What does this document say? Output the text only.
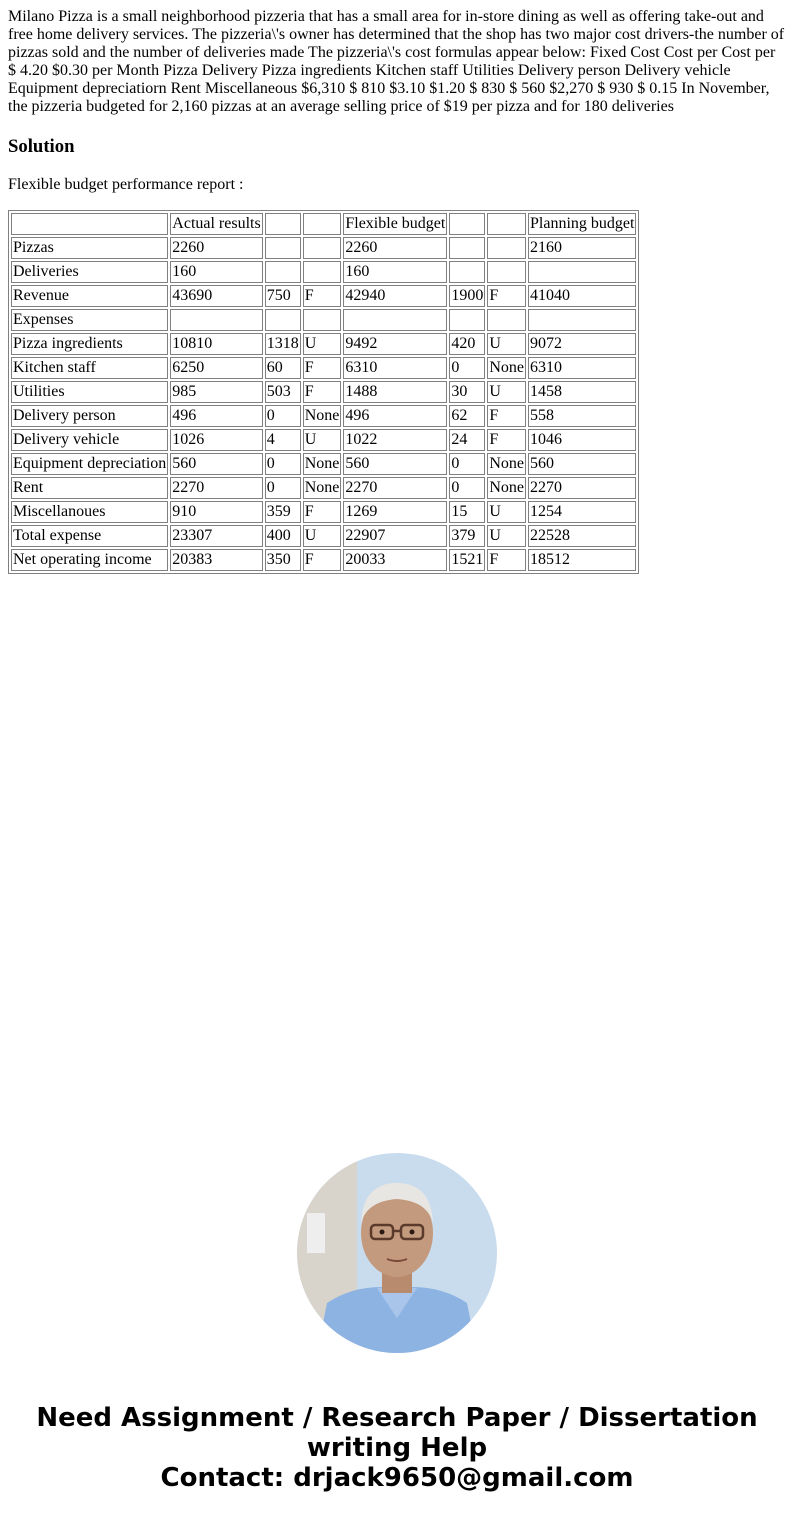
Milano Pizza is a small neighborhood pizzeria that has a small area for in-store dining as well as offering take-out and free home delivery services. The pizzeria\'s owner has determined that the shop has two major cost drivers-the number of pizzas sold and the number of deliveries made The pizzeria\'s cost formulas appear below: Fixed Cost Cost per Cost per $ 4.20 $0.30 per Month Pizza Delivery Pizza ingredients Kitchen staff Utilities Delivery person Delivery vehicle Equipment depreciatiorn Rent Miscellaneous $6,310 $ 810 $3.10 $1.20 $ 830 $ 560 $2,270 $ 930 $ 0.15 In November, the pizzeria budgeted for 2,160 pizzas at an average selling price of $19 per pizza and for 180 deliveries

Solution

Flexible budget performance report :

	Actual results			Flexible budget			Planning budget
Pizzas	2260			2260			2160
Deliveries	160			160			
Revenue	43690	750	F	42940	1900	F	41040
Expenses							
Pizza ingredients	10810	1318	U	9492	420	U	9072
Kitchen staff	6250	60	F	6310	0	None	6310
Utilities	985	503	F	1488	30	U	1458
Delivery person	496	0	None	496	62	F	558
Delivery vehicle	1026	4	U	1022	24	F	1046
Equipment depreciation	560	0	None	560	0	None	560
Rent	2270	0	None	2270	0	None	2270
Miscellanoues	910	359	F	1269	15	U	1254
Total expense	23307	400	U	22907	379	U	22528
Net operating income	20383	350	F	20033	1521	F	18512
Need Assignment / Research Paper / Dissertation
writing Help
Contact: drjack9650@gmail.com
